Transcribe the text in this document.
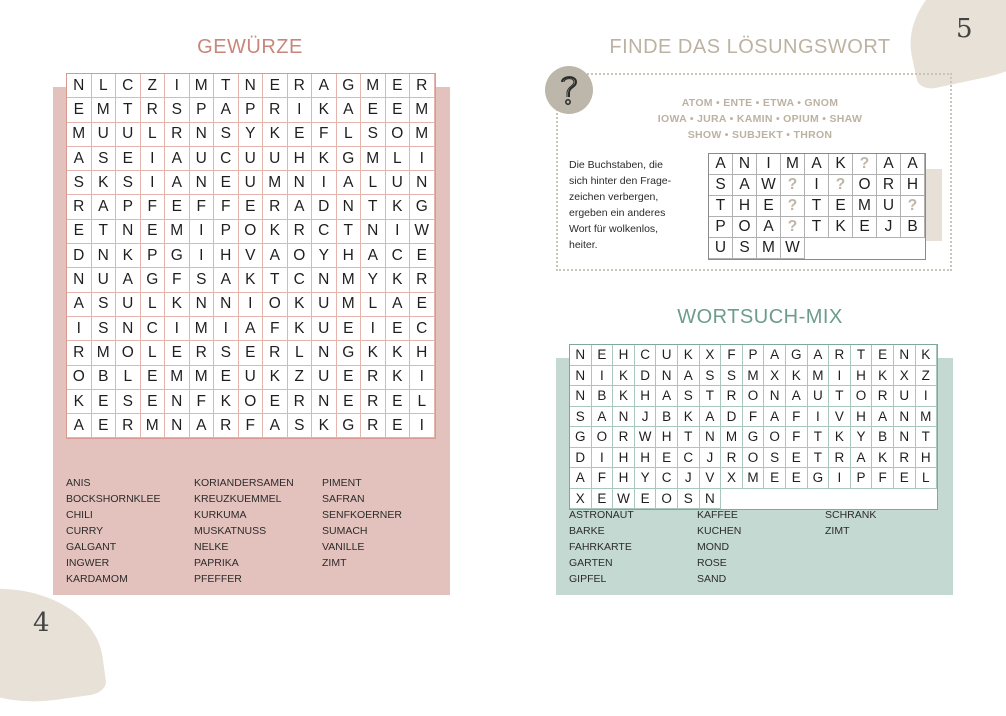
5
4
GEWÜRZE
N L C Z	I	M T N E R A G M E R
E M T R S P A P R	I	K A E E M
M U U L R N S Y K E F L S O M
A S E	I	A U C U U H K G M L	I
S K S	I	A N E U M N	I	A L U N
R A P F E F F E R A D N T K G
E T N E M	I	P O K R C T N	I W
D N K P G	I	H V A O Y H A C E
N U A G F S A K T C N M Y K R
A S U L K N N	I	O K U M L A E
I	S N C	I	M	I	A F K U E	I	E C
R M O L E R S E R L N G K K H
O B L E M M E U K Z U E R K	I
K E S E N F K O E R N E R E L
A E R M N A R F A S K G R E	I
ANIS
BOCKSHORNKLEE
CHILI
CURRY
GALGANT
INGWER
KARDAMOM
KORIANDERSAMEN
KREUZKUEMMEL
KURKUMA
MUSKATNUSS
NELKE
PAPRIKA
PFEFFER
PIMENT
SAFRAN
SENFKOERNER
SUMACH
VANILLE
ZIMT
FINDE DAS LÖSUNGSWORT
ATOM • ENTE • ETWA • GNOM
IOWA • JURA • KAMIN • OPIUM • SHAW
SHOW • SUBJEKT • THRON
Die Buchstaben, die
sich hinter den Frage-
zeichen verbergen,
ergeben ein anderes
Wort für wolkenlos,
heiter.
A N	I M A K ? A A
S A W ?	I	? O R H
T H E ? T E M U ?
P O A ? T K E J B
U S M W
WORTSUCH-MIX
N E H C U K X F P A G A R T E N K
N	I	K D N A S S M X K M	I	H K X Z
N B K H A S T R O N A U T O R U	I
S A N J	B K A D F A F	I	V H A N M
G O R W H T N M G O F T K Y B N T
D	I	H H E C J R O S E T R A K R H
A F H Y C J	V X M E E G	I	P F E L
X E W E O S N
ASTRONAUT
BARKE
FAHRKARTE
GARTEN
GIPFEL
KAFFEE
KUCHEN
MOND
ROSE
SAND
SCHRANK
ZIMT
